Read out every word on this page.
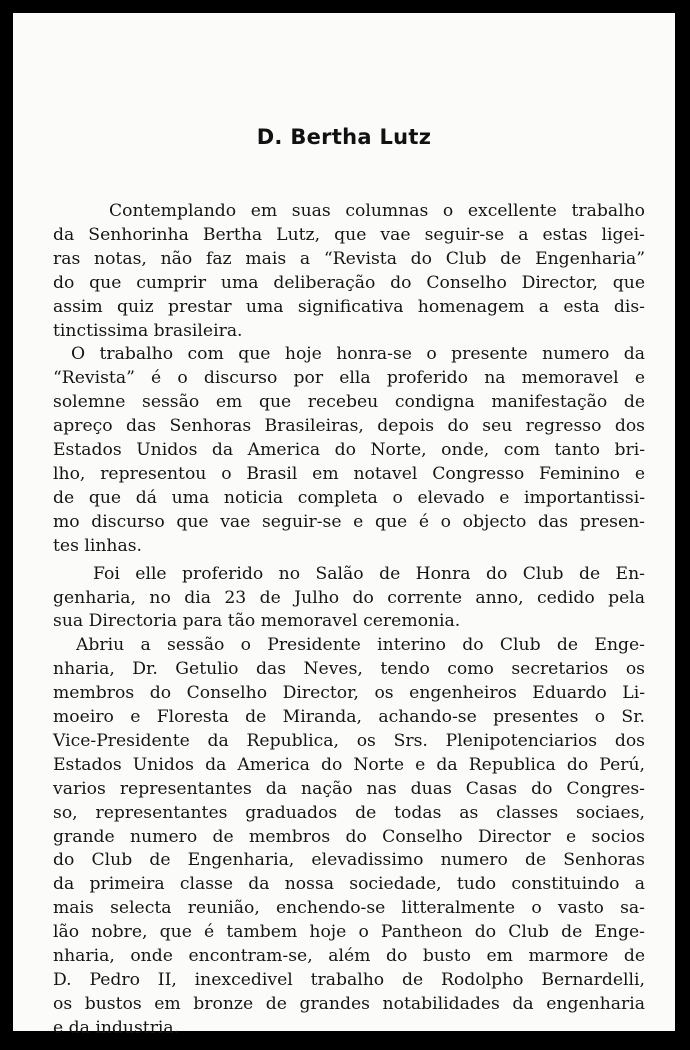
D. Bertha Lutz

Contemplando em suas columnas o excellente trabalho
da Senhorinha Bertha Lutz, que vae seguir-se a estas ligei-
ras notas, não faz mais a “Revista do Club de Engenharia”
do que cumprir uma deliberação do Conselho Director, que
assim quiz prestar uma significativa homenagem a esta dis-
tinctissima brasileira.

O trabalho com que hoje honra-se o presente numero da
“Revista” é o discurso por ella proferido na memoravel e
solemne sessão em que recebeu condigna manifestação de
apreço das Senhoras Brasileiras, depois do seu regresso dos
Estados Unidos da America do Norte, onde, com tanto bri-
lho, representou o Brasil em notavel Congresso Feminino e
de que dá uma noticia completa o elevado e importantissi-
mo discurso que vae seguir-se e que é o objecto das presen-
tes linhas.

Foi elle proferido no Salão de Honra do Club de En-
genharia, no dia 23 de Julho do corrente anno, cedido pela
sua Directoria para tão memoravel ceremonia.

Abriu a sessão o Presidente interino do Club de Enge-
nharia, Dr. Getulio das Neves, tendo como secretarios os
membros do Conselho Director, os engenheiros Eduardo Li-
moeiro e Floresta de Miranda, achando-se presentes o Sr.
Vice-Presidente da Republica, os Srs. Plenipotenciarios dos
Estados Unidos da America do Norte e da Republica do Perú,
varios representantes da nação nas duas Casas do Congres-
so, representantes graduados de todas as classes sociaes,
grande numero de membros do Conselho Director e socios
do Club de Engenharia, elevadissimo numero de Senhoras
da primeira classe da nossa sociedade, tudo constituindo a
mais selecta reunião, enchendo-se litteralmente o vasto sa-
lão nobre, que é tambem hoje o Pantheon do Club de Enge-
nharia, onde encontram-se, além do busto em marmore de
D. Pedro II, inexcedivel trabalho de Rodolpho Bernardelli,
os bustos em bronze de grandes notabilidades da engenharia
e da industria.
